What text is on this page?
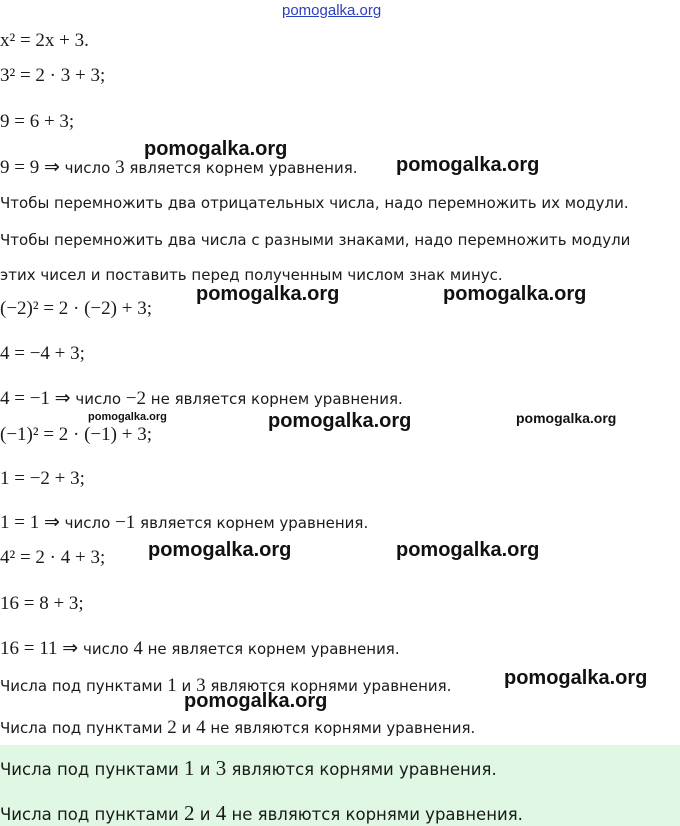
pomogalka.org
x² = 2x + 3.
3² = 2 · 3 + 3;
9 = 6 + 3;
9 = 9 ⇒ число 3 является корнем уравнения.
Чтобы перемножить два отрицательных числа, надо перемножить их модули.
Чтобы перемножить два числа с разными знаками, надо перемножить модули
этих чисел и поставить перед полученным числом знак минус.
(−2)² = 2 · (−2) + 3;
4 = −4 + 3;
4 = −1 ⇒ число −2 не является корнем уравнения.
(−1)² = 2 · (−1) + 3;
1 = −2 + 3;
1 = 1 ⇒ число −1 является корнем уравнения.
4² = 2 · 4 + 3;
16 = 8 + 3;
16 = 11 ⇒ число 4 не является корнем уравнения.
Числа под пунктами 1 и 3 являются корнями уравнения.
Числа под пунктами 2 и 4 не являются корнями уравнения.
Числа под пунктами 1 и 3 являются корнями уравнения.
Числа под пунктами 2 и 4 не являются корнями уравнения.
pomogalka.org
pomogalka.org
pomogalka.org	pomogalka.org
pomogalka.org	pomogalka.org	pomogalka.org
pomogalka.org	pomogalka.org
pomogalka.org
pomogalka.org
